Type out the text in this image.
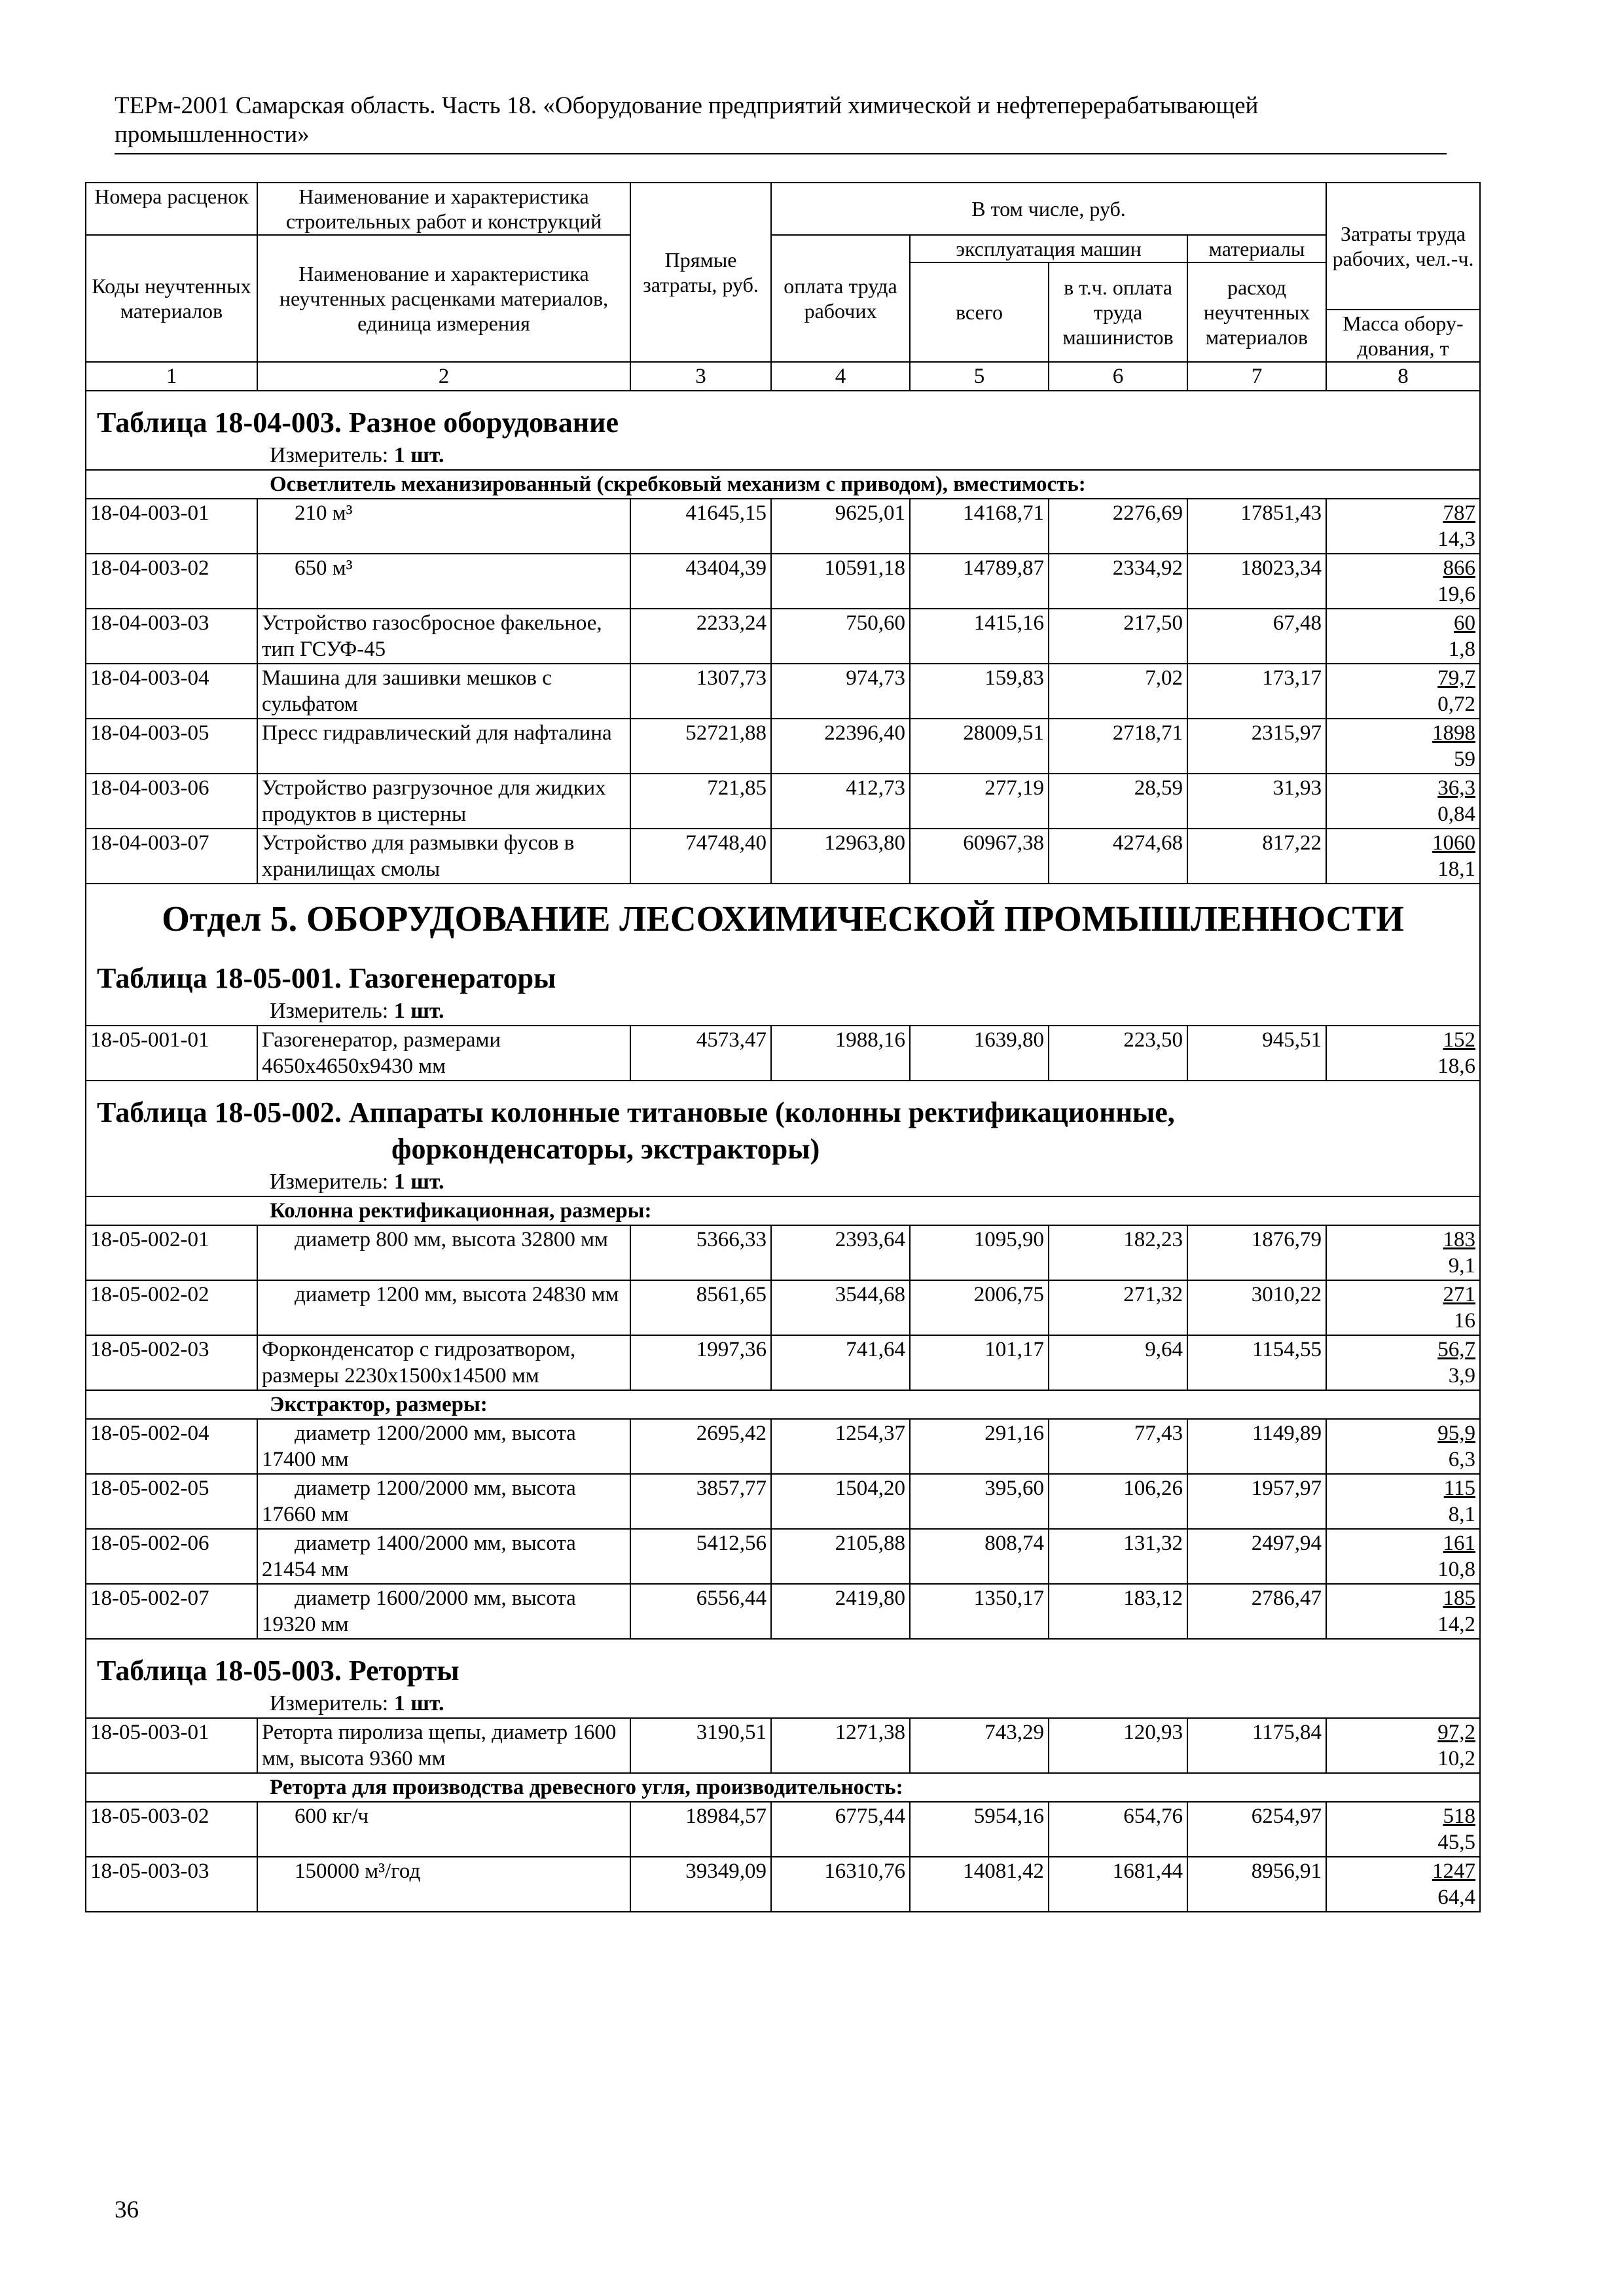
ТЕРм-2001 Самарская область. Часть 18. «Оборудование предприятий химической и нефтеперерабатывающей промышленности»
Номера расценок	Наименование и характеристика строительных работ и конструкций	Прямые затраты, руб.	В том числе, руб.				Затраты труда рабочих, чел.-ч.
Коды неучтенных материалов	Наименование и характеристика неучтенных расценками материалов, единица измерения		оплата труда рабочих	эксплуатация машин		материалы	
				всего	в т.ч. оплата труда машинистов	расход неучтенных материалов	
							Масса обору-дования, т
1	2	3	4	5	6	7	8
Таблица 18-04-003. Разное оборудование							
Измеритель: 1 шт.							
Осветлитель механизированный (скребковый механизм с приводом), вместимость:							
18-04-003-01	210 м³	41645,15	9625,01	14168,71	2276,69	17851,43	787
14,3
18-04-003-02	650 м³	43404,39	10591,18	14789,87	2334,92	18023,34	866
19,6
18-04-003-03	Устройство газосбросное факельное, тип ГСУФ-45	2233,24	750,60	1415,16	217,50	67,48	60
1,8
18-04-003-04	Машина для зашивки мешков с сульфатом	1307,73	974,73	159,83	7,02	173,17	79,7
0,72
18-04-003-05	Пресс гидравлический для нафталина	52721,88	22396,40	28009,51	2718,71	2315,97	1898
59
18-04-003-06	Устройство разгрузочное для жидких продуктов в цистерны	721,85	412,73	277,19	28,59	31,93	36,3
0,84
18-04-003-07	Устройство для размывки фусов в хранилищах смолы	74748,40	12963,80	60967,38	4274,68	817,22	1060
18,1
Отдел 5. ОБОРУДОВАНИЕ ЛЕСОХИМИЧЕСКОЙ ПРОМЫШЛЕННОСТИ							
Таблица 18-05-001. Газогенераторы							
Измеритель: 1 шт.							
18-05-001-01	Газогенератор, размерами 4650x4650x9430 мм	4573,47	1988,16	1639,80	223,50	945,51	152
18,6
Таблица 18-05-002. Аппараты колонные титановые (колонны ректификационные,
форконденсаторы, экстракторы)							

Измеритель: 1 шт.							
Колонна ректификационная, размеры:							
18-05-002-01	диаметр 800 мм, высота 32800 мм	5366,33	2393,64	1095,90	182,23	1876,79	183
9,1
18-05-002-02	диаметр 1200 мм, высота 24830 мм	8561,65	3544,68	2006,75	271,32	3010,22	271
16
18-05-002-03	Форконденсатор с гидрозатвором, размеры 2230x1500x14500 мм	1997,36	741,64	101,17	9,64	1154,55	56,7
3,9
Экстрактор, размеры:							
18-05-002-04	диаметр 1200/2000 мм, высота 17400 мм	2695,42	1254,37	291,16	77,43	1149,89	95,9
6,3
18-05-002-05	диаметр 1200/2000 мм, высота 17660 мм	3857,77	1504,20	395,60	106,26	1957,97	115
8,1
18-05-002-06	диаметр 1400/2000 мм, высота 21454 мм	5412,56	2105,88	808,74	131,32	2497,94	161
10,8
18-05-002-07	диаметр 1600/2000 мм, высота 19320 мм	6556,44	2419,80	1350,17	183,12	2786,47	185
14,2
Таблица 18-05-003. Реторты							
Измеритель: 1 шт.							
18-05-003-01	Реторта пиролиза щепы, диаметр 1600 мм, высота 9360 мм	3190,51	1271,38	743,29	120,93	1175,84	97,2
10,2
Реторта для производства древесного угля, производительность:							
18-05-003-02	600 кг/ч	18984,57	6775,44	5954,16	654,76	6254,97	518
45,5
18-05-003-03	150000 м³/год	39349,09	16310,76	14081,42	1681,44	8956,91	1247
64,4
36
